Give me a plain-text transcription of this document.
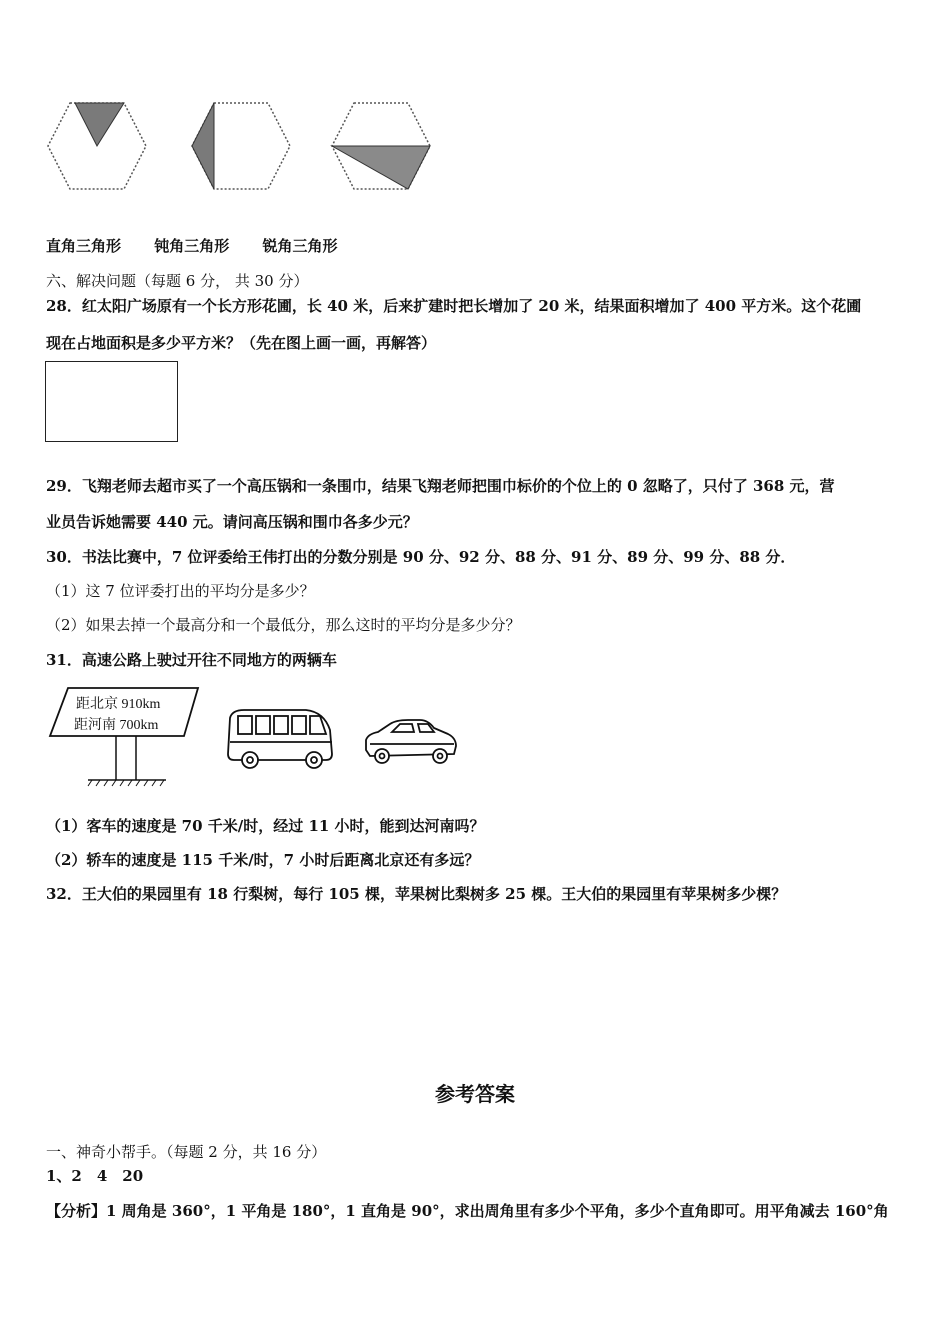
直角三角形 钝角三角形 锐角三角形
六、解决问题（每题 6 分， 共 30 分）
28．红太阳广场原有一个长方形花圃，长 40 米，后来扩建时把长增加了 20 米，结果面积增加了 400 平方米。这个花圃
现在占地面积是多少平方米？（先在图上画一画，再解答）
29．飞翔老师去超市买了一个高压锅和一条围巾，结果飞翔老师把围巾标价的个位上的 0 忽略了，只付了 368 元，营
业员告诉她需要 440 元。请问高压锅和围巾各多少元？
30．书法比赛中，7 位评委给王伟打出的分数分别是 90 分、92 分、88 分、91 分、89 分、99 分、88 分．
（1）这 7 位评委打出的平均分是多少？
（2）如果去掉一个最高分和一个最低分，那么这时的平均分是多少分？
31．高速公路上驶过开往不同地方的两辆车
距北京 910km
距河南 700km
（1）客车的速度是 70 千米/时，经过 11 小时，能到达河南吗？
（2）轿车的速度是 115 千米/时，7 小时后距离北京还有多远？
32．王大伯的果园里有 18 行梨树，每行 105 棵，苹果树比梨树多 25 棵。王大伯的果园里有苹果树多少棵？
参考答案
一、神奇小帮手。（每题 2 分，共 16 分）
1、2　4　20
【分析】1 周角是 360°，1 平角是 180°，1 直角是 90°，求出周角里有多少个平角，多少个直角即可。用平角减去 160°角
